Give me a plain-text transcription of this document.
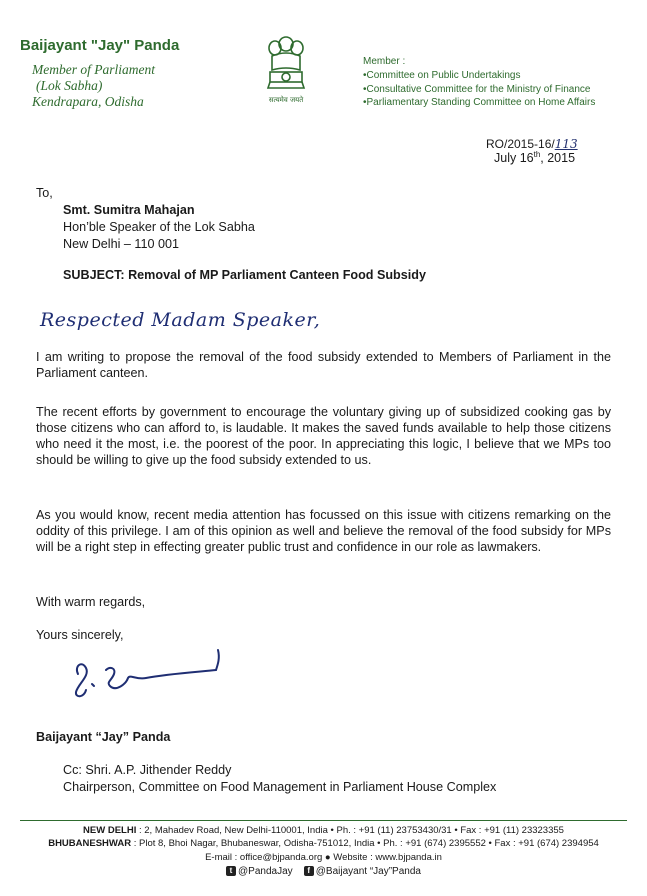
Baijayant "Jay" Panda
Member of Parliament
(Lok Sabha)
Kendrapara, Odisha	सत्यमेव जयते
Member :
• Committee on Public Undertakings
• Consultative Committee for the Ministry of Finance
• Parliamentary Standing Committee on Home Affairs
RO/2015-16/113
July 16th, 2015
To,
Smt. Sumitra Mahajan
Hon’ble Speaker of the Lok Sabha
New Delhi – 110 001
SUBJECT: Removal of MP Parliament Canteen Food Subsidy
Respected Madam Speaker,
I am writing to propose the removal of the food subsidy extended to Members of Parliament in the Parliament canteen.
The recent efforts by government to encourage the voluntary giving up of subsidized cooking gas by those citizens who can afford to, is laudable. It makes the saved funds available to help those citizens who need it the most, i.e. the poorest of the poor. In appreciating this logic, I believe that we MPs too should be willing to give up the food subsidy extended to us.
As you would know, recent media attention has focussed on this issue with citizens remarking on the oddity of this privilege. I am of this opinion as well and believe the removal of the food subsidy for MPs will be a right step in effecting greater public trust and confidence in our role as lawmakers.
With warm regards,
Yours sincerely,
Baijayant “Jay” Panda
Cc: Shri. A.P. Jithender Reddy
Chairperson, Committee on Food Management in Parliament House Complex
NEW DELHI : 2, Mahadev Road, New Delhi-110001, India • Ph. : +91 (11) 23753430/31 • Fax : +91 (11) 23323355
BHUBANESHWAR : Plot 8, Bhoi Nagar, Bhubaneswar, Odisha-751012, India • Ph. : +91 (674) 2395552 • Fax : +91 (674) 2394954
E-mail : office@bjpanda.org ● Website : www.bjpanda.in
t @PandaJay f @Baijayant “Jay”Panda
